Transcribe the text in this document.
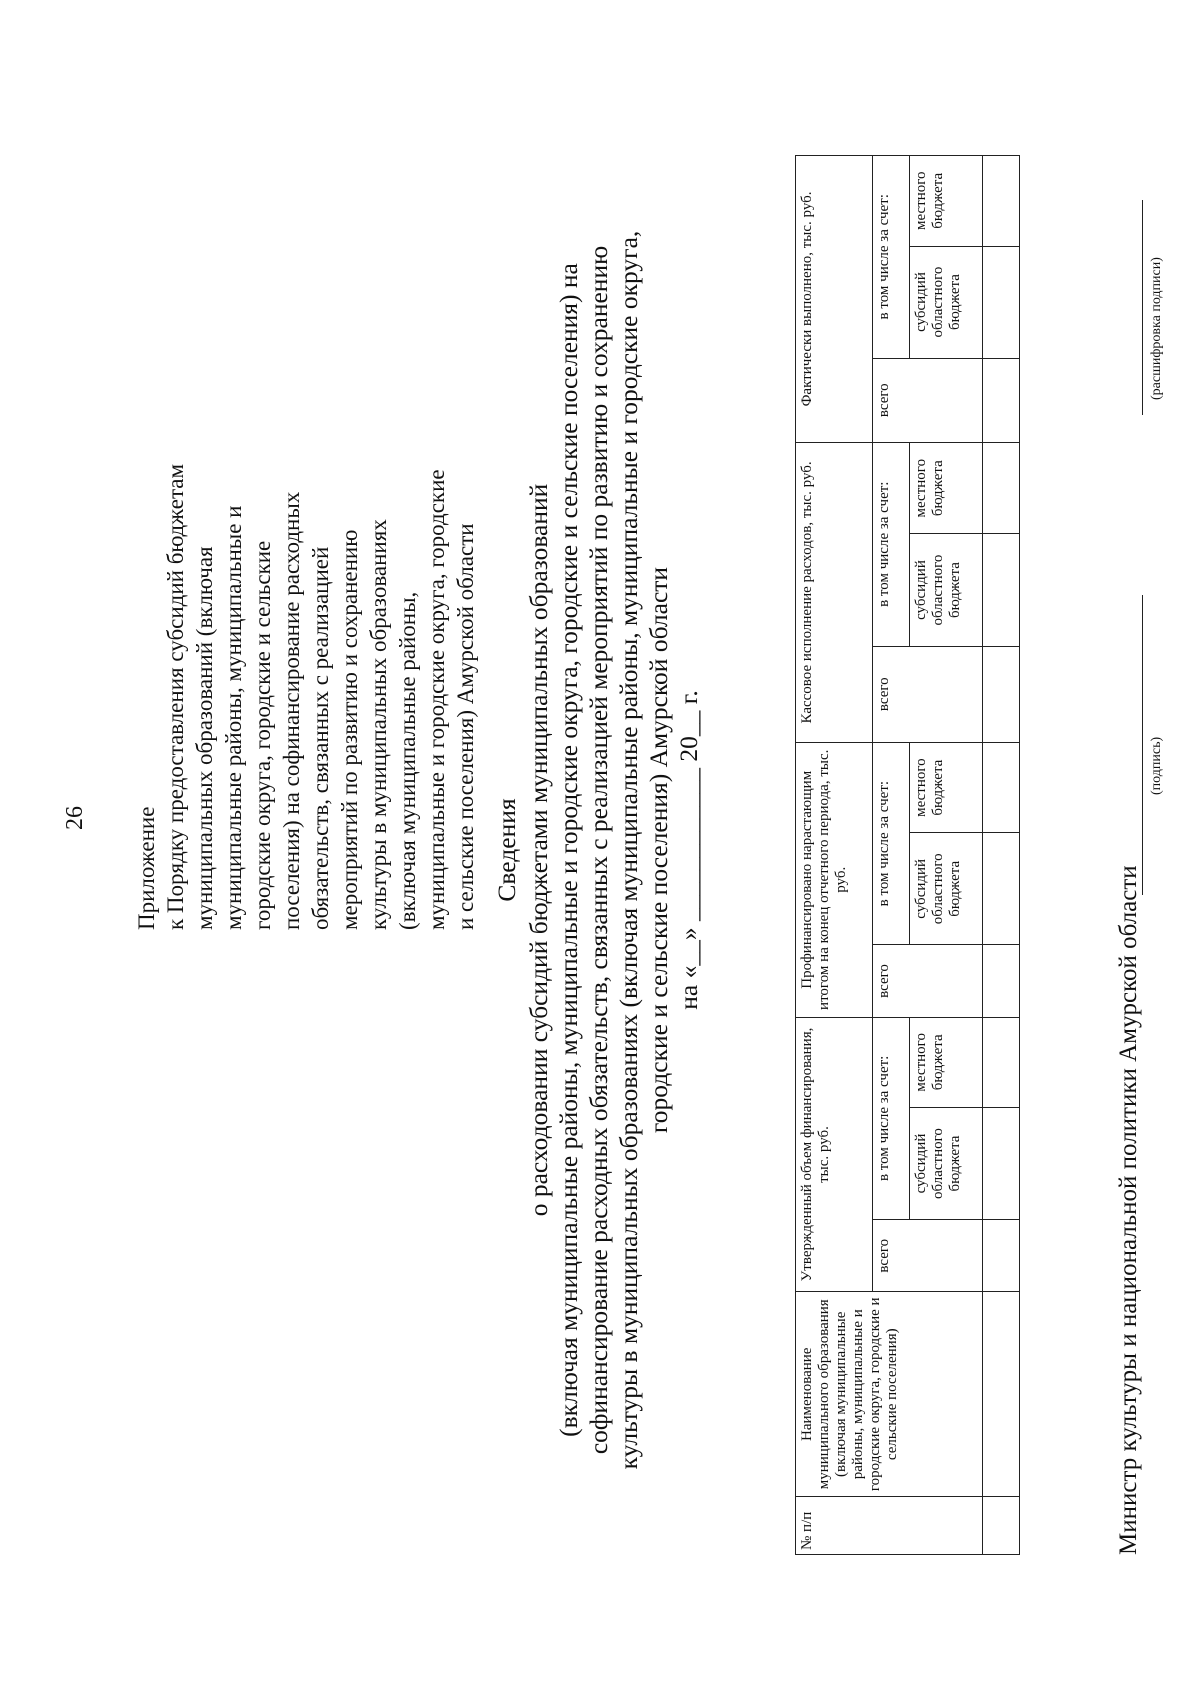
26 Приложение к Порядку предоставления субсидий бюджетам муниципальных образований (включая муниципальные районы, муниципальные и городские округа, городские и сельские поселения) на софинансирование расходных обязательств, связанных с реализацией мероприятий по развитию и сохранению культуры в муниципальных образованиях (включая муниципальные районы, муниципальные и городские округа, городские и сельские поселения) Амурской области Сведения о расходовании субсидий бюджетами муниципальных образований (включая муниципальные районы, муниципальные и городские округа, городские и сельские поселения) на софинансирование расходных обязательств, связанных с реализацией мероприятий по развитию и сохранению культуры в муниципальных образованиях (включая муниципальные районы, муниципальные и городские округа, городские и сельские поселения) Амурской области на «__» ____________ 20__ г.
№ п/п	Наименование муниципального образования (включая муниципальные районы, муниципальные и городские округа, городские и сельские поселения)	Утвержденный объем финансирования, тыс. руб.			Профинансировано нарастающим итогом на конец отчетного периода, тыс. руб.			Кассовое исполнение расходов, тыс. руб.			Фактически выполнено, тыс. руб.		
		всего	в том числе за счет:		всего	в том числе за счет:		всего	в том числе за счет:		всего	в том числе за счет:	
			субсидий областного бюджета	местного бюджета		субсидий областного бюджета	местного бюджета		субсидий областного бюджета	местного бюджета		субсидий областного бюджета	местного бюджета

Министр культуры и национальной политики Амурской области
(подпись)
(расшифровка подписи)
